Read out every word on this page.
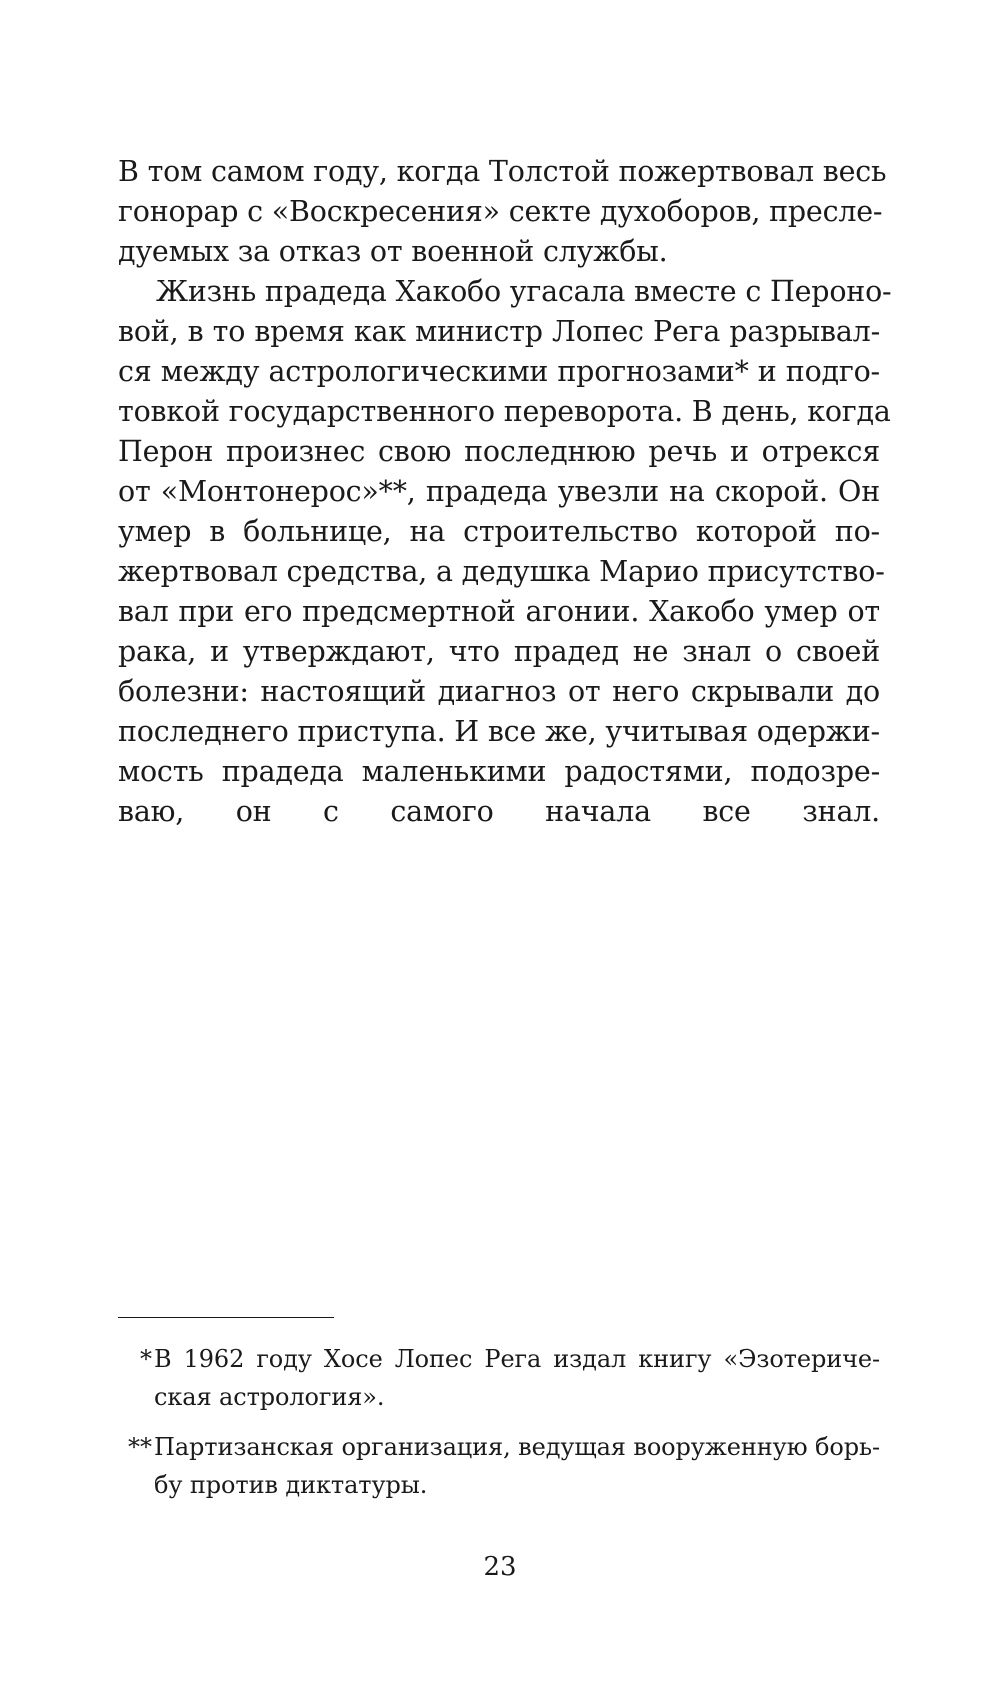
В том самом году, когда Толстой пожертвовал весь
гонорар с «Воскресения» секте духоборов, пресле-
дуемых за отказ от военной службы.
Жизнь прадеда Хакобо угасала вместе с Пероно-
вой, в то время как министр Лопес Рега разрывал-
ся между астрологическими прогнозами* и подго-
товкой государственного переворота. В день, когда
Перон произнес свою последнюю речь и отрекся
от «Монтонерос»**, прадеда увезли на скорой. Он
умер в больнице, на строительство которой по-
жертвовал средства, а дедушка Марио присутство-
вал при его предсмертной агонии. Хакобо умер от
рака, и утверждают, что прадед не знал о своей
болезни: настоящий диагноз от него скрывали до
последнего приступа. И все же, учитывая одержи-
мость прадеда маленькими радостями, подозре-
ваю, он с самого начала все знал.
* В 1962 году Хосе Лопес Рега издал книгу «Эзотериче-
ская астрология».
** Партизанская организация, ведущая вооруженную борь-
бу против диктатуры.
23
